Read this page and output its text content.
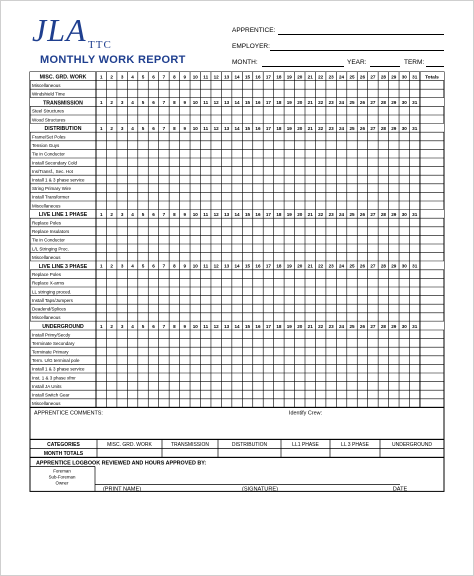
JLA TTC
MONTHLY WORK REPORT
APPRENTICE:
EMPLOYER:
MONTH:	YEAR:	TERM:
MISC. GRD. WORK	1 2 3 4 5 6 7 8 9 10 11 12 13 14 15 16 17 18 19 20 21 22 23 24 25 26 27 28 29 30 31 Totals
Miscellaneous
Windshield Time
TRANSMISSION	1 2 3 4 5 6 7 8 9 10 11 12 13 14 15 16 17 18 19 20 21 22 23 24 25 26 27 28 29 30 31
Steel Structures
Wood Structures
DISTRIBUTION	1 2 3 4 5 6 7 8 9 10 11 12 13 14 15 16 17 18 19 20 21 22 23 24 25 26 27 28 29 30 31
Frame/Set Poles
Tension Guys
Tie in Conductor
Install Secondary Cold
Ins/Transf., Sec. Hot
Install 1 & 3 phase service
String Primary Wire
Install Transformer
Miscellaneous
LIVE LINE 1 PHASE	1 2 3 4 5 6 7 8 9 10 11 12 13 14 15 16 17 18 19 20 21 22 23 24 25 26 27 28 29 30 31
Replace Poles
Replace Insulators
Tie in Conductor
L/L Stringing Proc.
Miscellaneous
LIVE LINE 3 PHASE	1 2 3 4 5 6 7 8 9 10 11 12 13 14 15 16 17 18 19 20 21 22 23 24 25 26 27 28 29 30 31
Replace Poles
Replace X-arms
LL stringing proced.
Install Taps/Jumpers
Deadend/Splices
Miscellaneous
UNDERGROUND	1 2 3 4 5 6 7 8 9 10 11 12 13 14 15 16 17 18 19 20 21 22 23 24 25 26 27 28 29 30 31
Install Primy/Secdy
Terminate Secondary
Terminate Primary
Term. U/G terminal pole
Install 1 & 3 phase service
Inst. 1 & 3 phase xfmr
Install JA Units
Install Switch Gear
Miscellaneous
APPRENTICE COMMENTS:	Identify Crew:
CATEGORIES
MONTH TOTALS
MISC. GRD. WORK	TRANSMISSION	DISTRIBUTION	LL1 PHASE	LL 3 PHASE	UNDERGROUND
APPRENTICE LOGBOOK REVIEWED AND HOURS APPROVED BY:
Foreman
Sub-Foreman
Owner
(PRINT NAME)	(SIGNATURE)	DATE
